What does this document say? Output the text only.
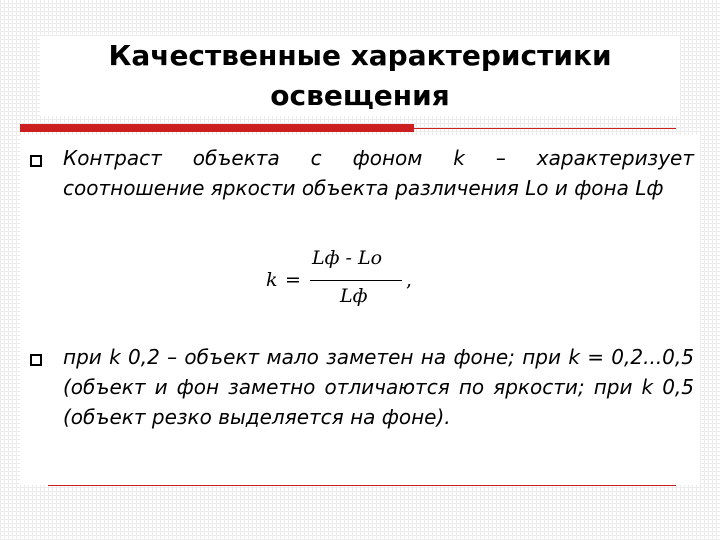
Качественные характеристики освещения

Контраст объекта с фоном k – характеризует соотношение яркости объекта различения Lо и фона Lф

k =
Lф - Lо
Lф
,

при k 0,2 – объект мало заметен на фоне; при k = 0,2...0,5 (объект и фон заметно отличаются по яркости; при k 0,5 (объект резко выделяется на фоне).
